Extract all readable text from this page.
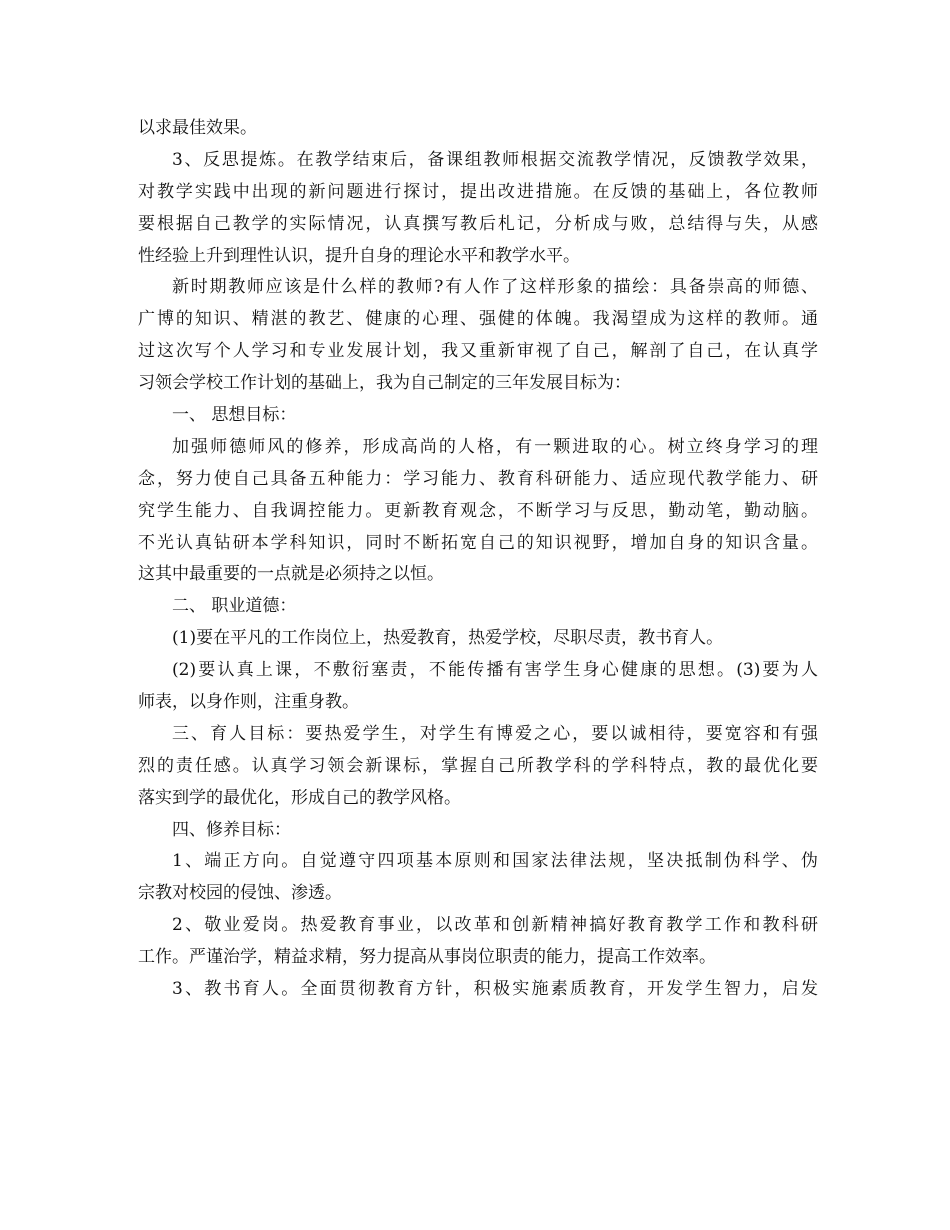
以求最佳效果。
3、反思提炼。在教学结束后，备课组教师根据交流教学情况，反馈教学效果，
对教学实践中出现的新问题进行探讨，提出改进措施。在反馈的基础上，各位教师
要根据自己教学的实际情况，认真撰写教后札记，分析成与败，总结得与失，从感
性经验上升到理性认识，提升自身的理论水平和教学水平。
新时期教师应该是什么样的教师?有人作了这样形象的描绘：具备崇高的师德、
广博的知识、精湛的教艺、健康的心理、强健的体魄。我渴望成为这样的教师。通
过这次写个人学习和专业发展计划，我又重新审视了自己，解剖了自己，在认真学
习领会学校工作计划的基础上，我为自己制定的三年发展目标为：
一、 思想目标：
加强师德师风的修养，形成高尚的人格，有一颗进取的心。树立终身学习的理
念，努力使自己具备五种能力：学习能力、教育科研能力、适应现代教学能力、研
究学生能力、自我调控能力。更新教育观念，不断学习与反思，勤动笔，勤动脑。
不光认真钻研本学科知识，同时不断拓宽自己的知识视野，增加自身的知识含量。
这其中最重要的一点就是必须持之以恒。
二、 职业道德：
(1)要在平凡的工作岗位上，热爱教育，热爱学校，尽职尽责，教书育人。
(2)要认真上课，不敷衍塞责，不能传播有害学生身心健康的思想。(3)要为人
师表，以身作则，注重身教。
三、育人目标：要热爱学生，对学生有博爱之心，要以诚相待，要宽容和有强
烈的责任感。认真学习领会新课标，掌握自己所教学科的学科特点，教的最优化要
落实到学的最优化，形成自己的教学风格。
四、修养目标：
1、端正方向。自觉遵守四项基本原则和国家法律法规，坚决抵制伪科学、伪
宗教对校园的侵蚀、渗透。
2、敬业爱岗。热爱教育事业，以改革和创新精神搞好教育教学工作和教科研
工作。严谨治学，精益求精，努力提高从事岗位职责的能力，提高工作效率。
3、教书育人。全面贯彻教育方针，积极实施素质教育，开发学生智力，启发
